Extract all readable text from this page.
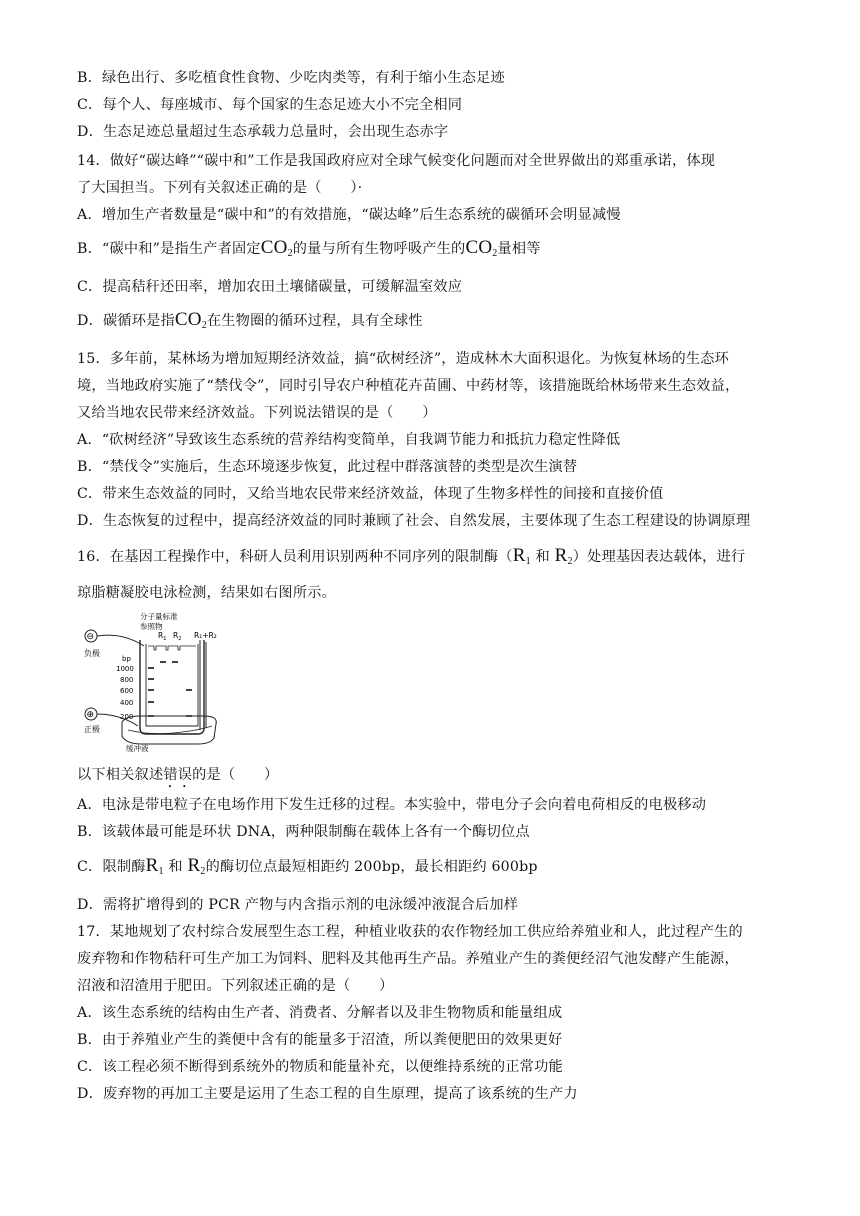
B．绿色出行、多吃植食性食物、少吃肉类等，有利于缩小生态足迹
C．每个人、每座城市、每个国家的生态足迹大小不完全相同
D．生态足迹总量超过生态承载力总量时，会出现生态赤字
14．做好“碳达峰”“碳中和”工作是我国政府应对全球气候变化问题而对全世界做出的郑重承诺，体现
了大国担当。下列有关叙述正确的是（　　）·
A．增加生产者数量是“碳中和”的有效措施，“碳达峰”后生态系统的碳循环会明显减慢
B．“碳中和”是指生产者固定$CO_2$的量与所有生物呼吸产生的$CO_2$量相等
C．提高秸秆还田率，增加农田土壤储碳量，可缓解温室效应
D．碳循环是指$CO_2$在生物圈的循环过程，具有全球性
15．多年前，某林场为增加短期经济效益，搞“砍树经济”，造成林木大面积退化。为恢复林场的生态环
境，当地政府实施了“禁伐令”，同时引导农户种植花卉苗圃、中药材等，该措施既给林场带来生态效益，
又给当地农民带来经济效益。下列说法错误的是（　　）
A．“砍树经济”导致该生态系统的营养结构变简单，自我调节能力和抵抗力稳定性降低
B．“禁伐令”实施后，生态环境逐步恢复，此过程中群落演替的类型是次生演替
C．带来生态效益的同时，又给当地农民带来经济效益，体现了生物多样性的间接和直接价值
D．生态恢复的过程中，提高经济效益的同时兼顾了社会、自然发展，主要体现了生态工程建设的协调原理
16．在基因工程操作中，科研人员利用识别两种不同序列的限制酶（$R_1$ 和 $R_2$）处理基因表达载体，进行
琼脂糖凝胶电泳检测，结果如右图所示。
分子量标准
参照物
$R_1$ $R_2$ R₁+R₂
⊖
负极
bp
1000
800
600
400
200
⊕
正极
缓冲液
以下相关叙述错误的是（　　）
A．电泳是带电粒子在电场作用下发生迁移的过程。本实验中，带电分子会向着电荷相反的电极移动
B．该载体最可能是环状 DNA，两种限制酶在载体上各有一个酶切位点
C．限制酶$R_1$ 和 $R_2$的酶切位点最短相距约 200bp，最长相距约 600bp
D．需将扩增得到的 PCR 产物与内含指示剂的电泳缓冲液混合后加样
17．某地规划了农村综合发展型生态工程，种植业收获的农作物经加工供应给养殖业和人，此过程产生的
废弃物和作物秸秆可生产加工为饲料、肥料及其他再生产品。养殖业产生的粪便经沼气池发酵产生能源，
沼液和沼渣用于肥田。下列叙述正确的是（　　）
A．该生态系统的结构由生产者、消费者、分解者以及非生物物质和能量组成
B．由于养殖业产生的粪便中含有的能量多于沼渣，所以粪便肥田的效果更好
C．该工程必须不断得到系统外的物质和能量补充，以便维持系统的正常功能
D．废弃物的再加工主要是运用了生态工程的自生原理，提高了该系统的生产力
